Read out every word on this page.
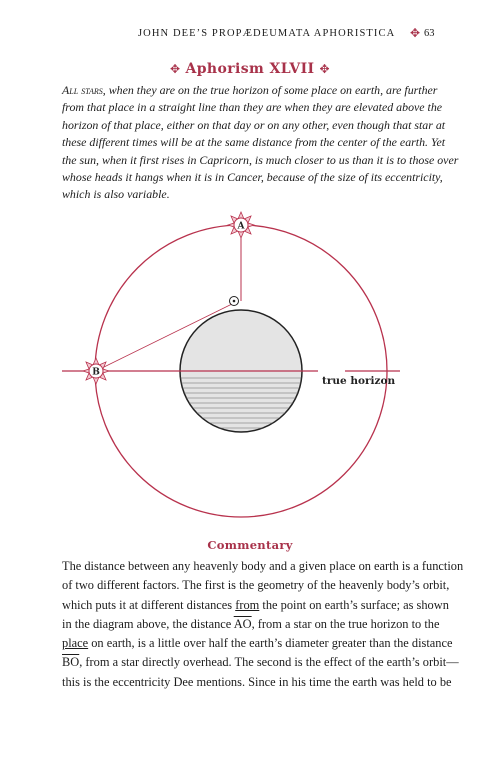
JOHN DEE’S PROPÆDEUMATA APHORISTICA ✥ 63
✥ Aphorism XLVII ✥
All stars, when they are on the true horizon of some place on earth, are further
from that place in a straight line than they are when they are elevated above the
horizon of that place, either on that day or on any other, even though that star at
these different times will be at the same distance from the center of the earth. Yet
the sun, when it first rises in Capricorn, is much closer to us than it is to those over
whose heads it hangs when it is in Cancer, because of the size of its eccentricity,
which is also variable.
A
B
true horizon
Commentary
The distance between any heavenly body and a given place on earth is a function
of two different factors. The first is the geometry of the heavenly body’s orbit,
which puts it at different distances from the point on earth’s surface; as shown
in the diagram above, the distance $\overline{AO}$, from a star on the true horizon to the
place on earth, is a little over half the earth’s diameter greater than the distance
$\overline{BO}$, from a star directly overhead. The second is the effect of the earth’s orbit—
this is the eccentricity Dee mentions. Since in his time the earth was held to be
